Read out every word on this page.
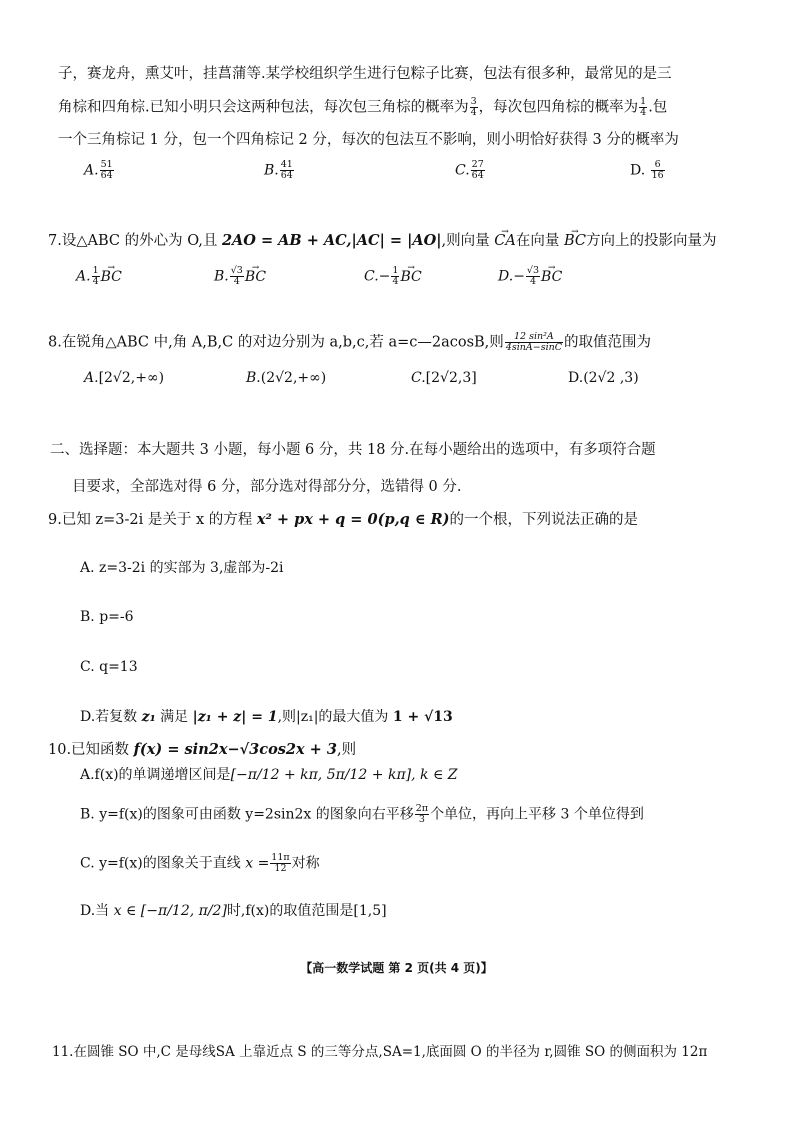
子，赛龙舟，熏艾叶，挂菖蒲等.某学校组织学生进行包粽子比赛，包法有很多种，最常见的是三
角棕和四角棕.已知小明只会这两种包法，每次包三角棕的概率为 $\frac{3}{4}$ ，每次包四角棕的概率为 $\frac{1}{4}$ .包
一个三角棕记 1 分，包一个四角棕记 2 分，每次的包法互不影响，则小明恰好获得 3 分的概率为
A. $\frac{51}{64}$	B. $\frac{41}{64}$	C. $\frac{27}{64}$	D. $\frac{6}{16}$
7.设△ABC 的外心为 O,且 2AO = AB + AC,|AC| = |AO|,则向量 → CA在向量 → BC方向上的投影向量为
A. $\frac{1}{4}$ → BC	B. $\frac{√3}{4}$ → BC	$C.- \frac{1}{4}$ → BC	$D.- \frac{√3}{4}$ → BC
8.在锐角△ABC 中,角 A,B,C 的对边分别为 a,b,c,若 a=c—2acosB,则 $\frac{\text{12 sin²A}}{4\sin A-\sin C}$ 的取值范围为
A.[2√2,+∞)	B.(2√2,+∞)	C.[2√2,3]	D.(2√2 ,3)
二、选择题：本大题共 3 小题，每小题 6 分，共 18 分.在每小题给出的选项中，有多项符合题
目要求，全部选对得 6 分，部分选对得部分分，选错得 0 分.
9.已知 z=3-2i 是关于 x 的方程 x² + px + q = 0(p,q ∈ R)的一个根，下列说法正确的是
A. z=3-2i 的实部为 3,虚部为-2i
B. p=-6
C. q=13
D.若复数 z₁ 满足 |z₁ + z| = 1,则|z₁|的最大值为 1 + √13
10.已知函数 f(x) = sin2x−√3cos2x + 3,则
A.f(x)的单调递增区间是[−π/12 + kπ, 5π/12 + kπ], k ∈ Z
B. y=f(x)的图象可由函数 y=2sin2x 的图象向右平移 $\frac{2\pi}{3}$ 个单位，再向上平移 3 个单位得到
C. y=f(x)的图象关于直线 $x = \frac{11\pi}{12}$ 对称
D.当 x ∈ [−π/12, π/2]时,f(x)的取值范围是[1,5]
【高一数学试题 第 2 页(共 4 页)】
11.在圆锥 SO 中,C 是母线SA 上靠近点 S 的三等分点,SA=1,底面圆 O 的半径为 r,圆锥 SO 的侧面积为 12π
